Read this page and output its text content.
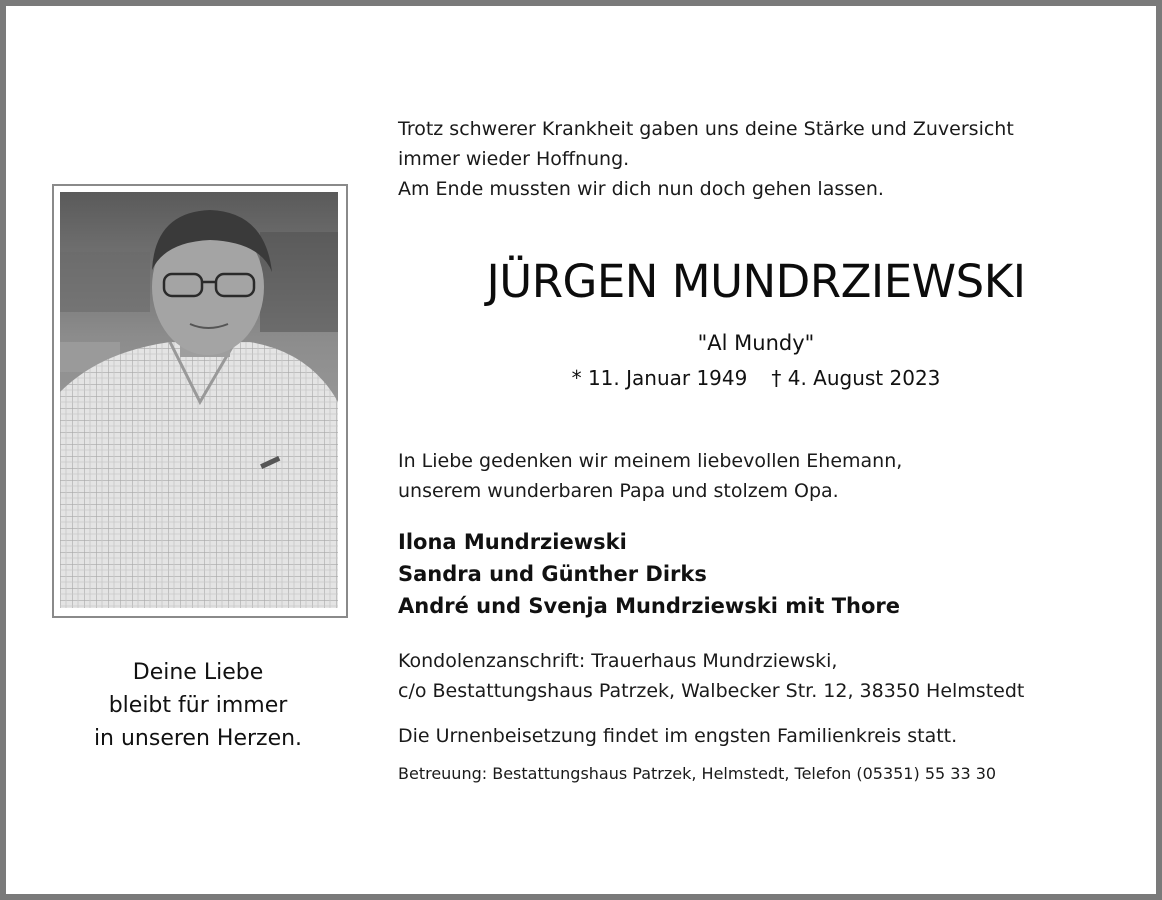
Deine Liebe
bleibt für immer
in unseren Herzen.
Trotz schwerer Krankheit gaben uns deine Stärke und Zuversicht
immer wieder Hoffnung.
Am Ende mussten wir dich nun doch gehen lassen.
JÜRGEN MUNDRZIEWSKI
"Al Mundy"
* 11. Januar 1949 † 4. August 2023
In Liebe gedenken wir meinem liebevollen Ehemann,
unserem wunderbaren Papa und stolzem Opa.
Ilona Mundrziewski
Sandra und Günther Dirks
André und Svenja Mundrziewski mit Thore
Kondolenzanschrift: Trauerhaus Mundrziewski,
c/o Bestattungshaus Patrzek, Walbecker Str. 12, 38350 Helmstedt
Die Urnenbeisetzung findet im engsten Familienkreis statt.
Betreuung: Bestattungshaus Patrzek, Helmstedt, Telefon (05351) 55 33 30
